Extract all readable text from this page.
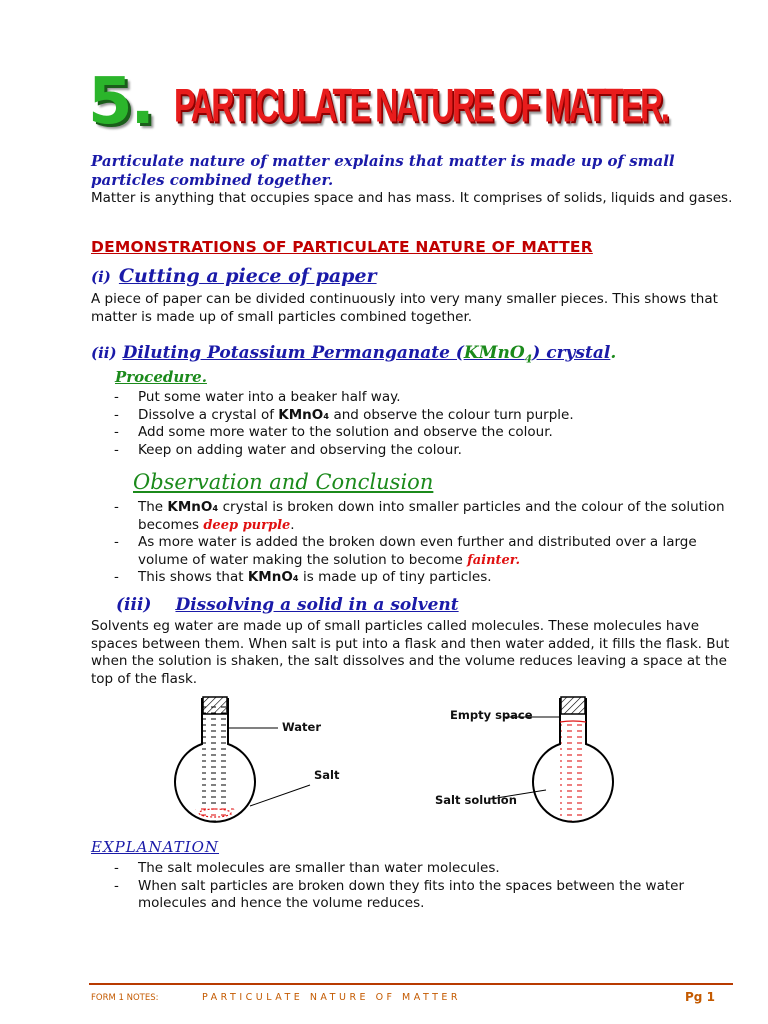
5. PARTICULATE NATURE OF MATTER.
Particulate nature of matter explains that matter is made up of small particles combined together.
Matter is anything that occupies space and has mass. It comprises of solids, liquids and gases.
DEMONSTRATIONS OF PARTICULATE NATURE OF MATTER
(i) Cutting a piece of paper
A piece of paper can be divided continuously into very many smaller pieces. This shows that matter is made up of small particles combined together.
(ii) Diluting Potassium Permanganate (KMnO$_4$) crystal.
Procedure.
- Put some water into a beaker half way.
- Dissolve a crystal of KMnO₄ and observe the colour turn purple.
- Add some more water to the solution and observe the colour.
- Keep on adding water and observing the colour.
Observation and Conclusion
- The KMnO₄ crystal is broken down into smaller particles and the colour of the solution becomes deep purple.
- As more water is added the broken down even further and distributed over a large volume of water making the solution to become fainter.
- This shows that KMnO₄ is made up of tiny particles.
(iii) Dissolving a solid in a solvent
Solvents eg water are made up of small particles called molecules. These molecules have spaces between them. When salt is put into a flask and then water added, it fills the flask. But when the solution is shaken, the salt dissolves and the volume reduces leaving a space at the top of the flask.
Water
Salt
Empty space
Salt solution
EXPLANATION
- The salt molecules are smaller than water molecules.
- When salt particles are broken down they fits into the spaces between the water molecules and hence the volume reduces.
FORM 1 NOTES:	PARTICULATE NATURE OF MATTER	Pg 1
